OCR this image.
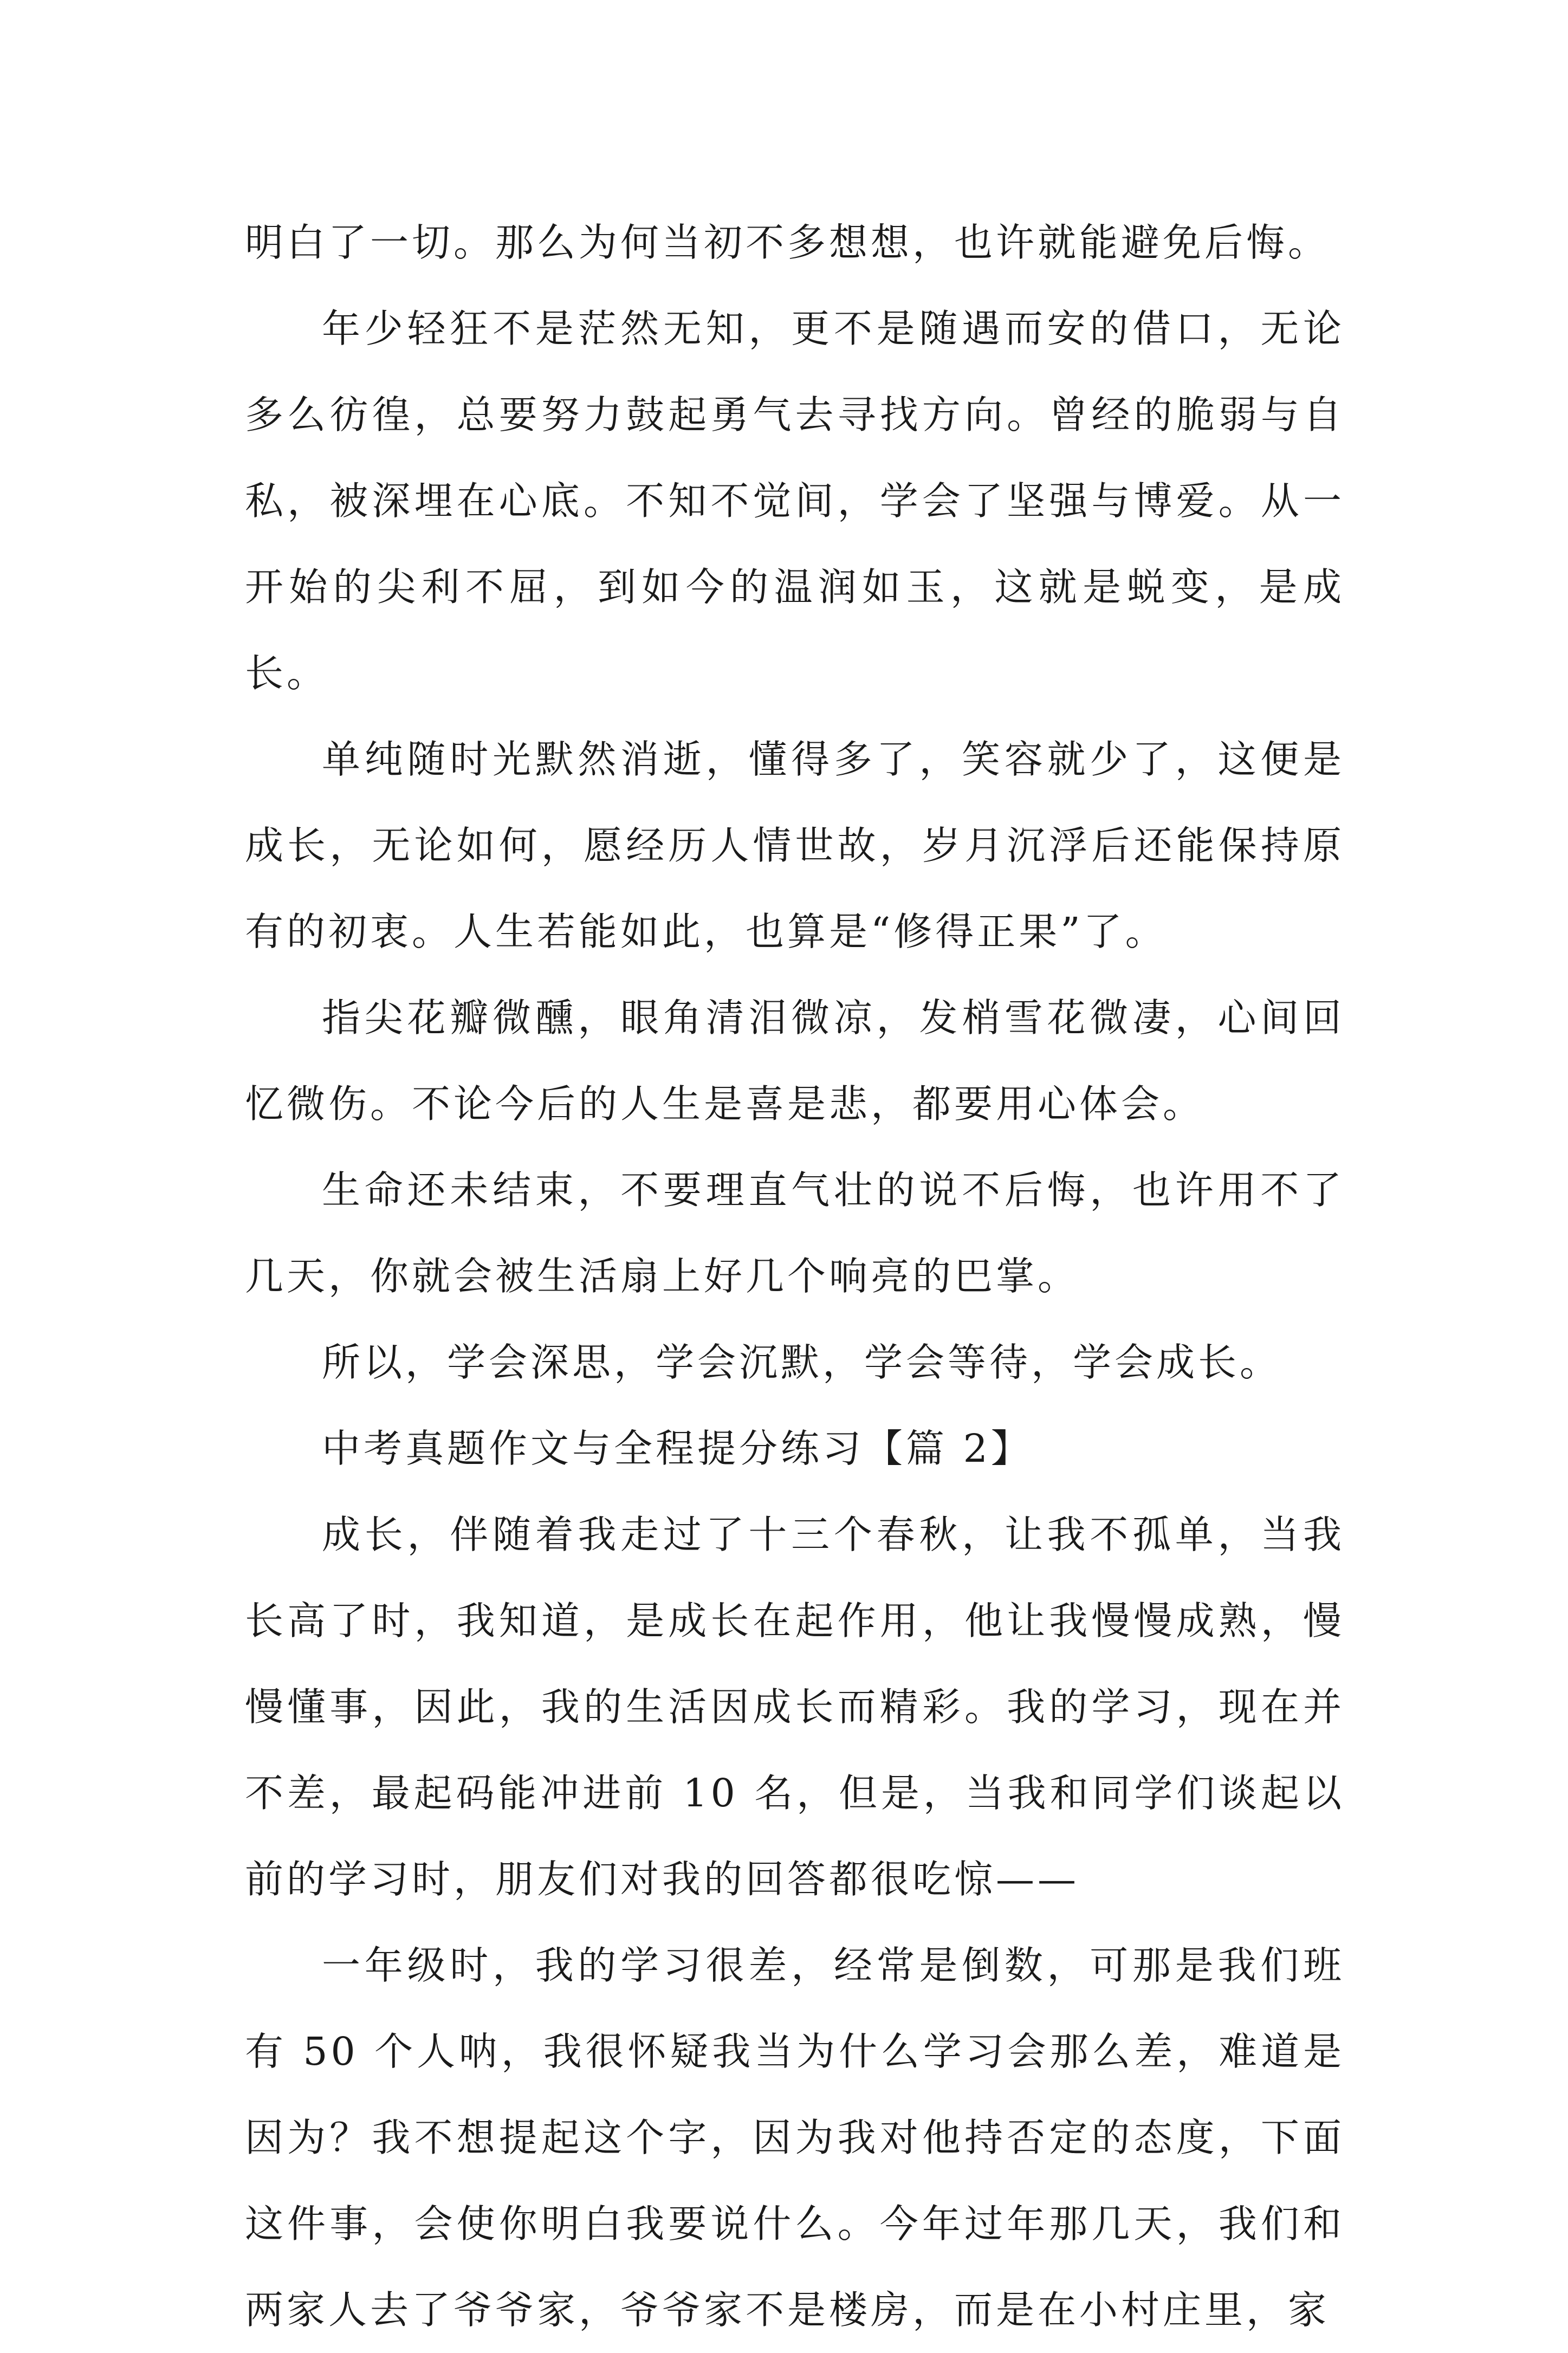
明白了一切。那么为何当初不多想想，也许就能避免后悔。

年少轻狂不是茫然无知，更不是随遇而安的借口，无论多么彷徨，总要努力鼓起勇气去寻找方向。曾经的脆弱与自私，被深埋在心底。不知不觉间，学会了坚强与博爱。从一开始的尖利不屈，到如今的温润如玉，这就是蜕变，是成长。

单纯随时光默然消逝，懂得多了，笑容就少了，这便是成长，无论如何，愿经历人情世故，岁月沉浮后还能保持原有的初衷。人生若能如此，也算是“修得正果”了。

指尖花瓣微醺，眼角清泪微凉，发梢雪花微凄，心间回忆微伤。不论今后的人生是喜是悲，都要用心体会。

生命还未结束，不要理直气壮的说不后悔，也许用不了几天，你就会被生活扇上好几个响亮的巴掌。

所以，学会深思，学会沉默，学会等待，学会成长。

中考真题作文与全程提分练习【篇 2】

成长，伴随着我走过了十三个春秋，让我不孤单，当我长高了时，我知道，是成长在起作用，他让我慢慢成熟，慢慢懂事，因此，我的生活因成长而精彩。我的学习，现在并不差，最起码能冲进前 10 名，但是，当我和同学们谈起以前的学习时，朋友们对我的回答都很吃惊——

一年级时，我的学习很差，经常是倒数，可那是我们班有 50 个人呐，我很怀疑我当为什么学习会那么差，难道是因为？我不想提起这个字，因为我对他持否定的态度，下面这件事，会使你明白我要说什么。今年过年那几天，我们和两家人去了爷爷家，爷爷家不是楼房，而是在小村庄里，家
